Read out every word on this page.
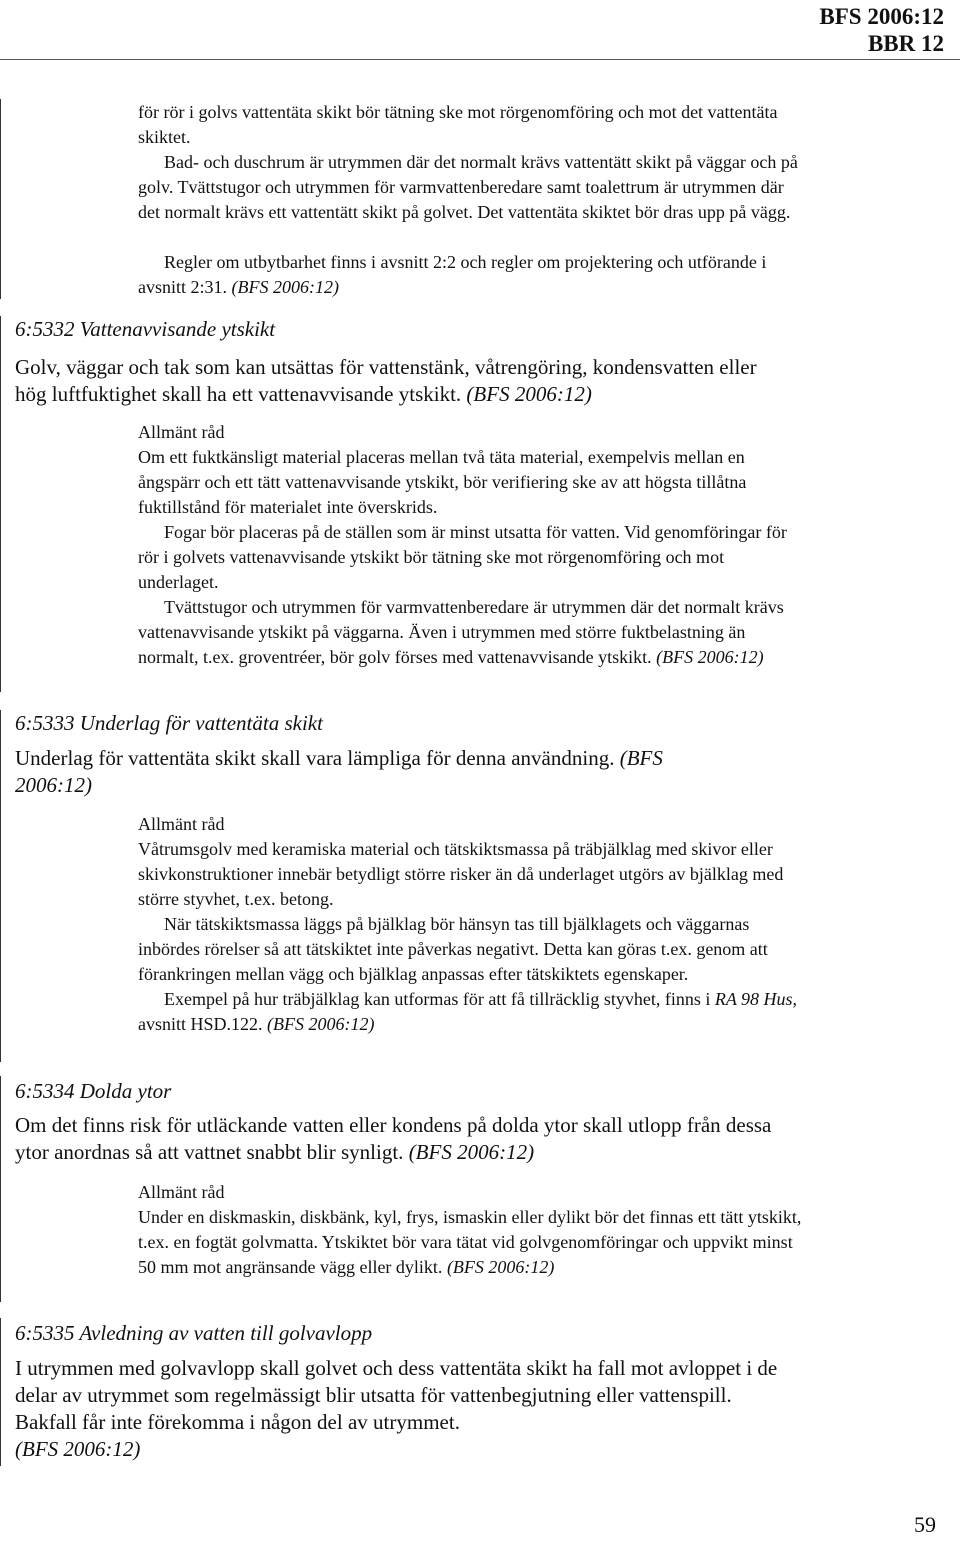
BFS 2006:12
BBR 12
för rör i golvs vattentäta skikt bör tätning ske mot rörgenomföring och mot det vattentäta skiktet.
Bad- och duschrum är utrymmen där det normalt krävs vattentätt skikt på väggar och på golv. Tvättstugor och utrymmen för varmvattenberedare samt toalettrum är utrymmen där det normalt krävs ett vattentätt skikt på golvet. Det vattentäta skiktet bör dras upp på vägg.
Regler om utbytbarhet finns i avsnitt 2:2 och regler om projektering och utförande i avsnitt 2:31. (BFS 2006:12)
6:5332 Vattenavvisande ytskikt
Golv, väggar och tak som kan utsättas för vattenstänk, våtrengöring, kondensvatten eller hög luftfuktighet skall ha ett vattenavvisande ytskikt. (BFS 2006:12)
Allmänt råd
Om ett fuktkänsligt material placeras mellan två täta material, exempelvis mellan en ångspärr och ett tätt vattenavvisande ytskikt, bör verifiering ske av att högsta tillåtna fuktillstånd för materialet inte överskrids.
Fogar bör placeras på de ställen som är minst utsatta för vatten. Vid genomföringar för rör i golvets vattenavvisande ytskikt bör tätning ske mot rörgenomföring och mot underlaget.
Tvättstugor och utrymmen för varmvattenberedare är utrymmen där det normalt krävs vattenavvisande ytskikt på väggarna. Även i utrymmen med större fuktbelastning än normalt, t.ex. groventréer, bör golv förses med vattenavvisande ytskikt. (BFS 2006:12)
6:5333 Underlag för vattentäta skikt
Underlag för vattentäta skikt skall vara lämpliga för denna användning. (BFS 2006:12)
Allmänt råd
Våtrumsgolv med keramiska material och tätskiktsmassa på träbjälklag med skivor eller skivkonstruktioner innebär betydligt större risker än då underlaget utgörs av bjälklag med större styvhet, t.ex. betong.
När tätskiktsmassa läggs på bjälklag bör hänsyn tas till bjälklagets och väggarnas inbördes rörelser så att tätskiktet inte påverkas negativt. Detta kan göras t.ex. genom att förankringen mellan vägg och bjälklag anpassas efter tätskiktets egenskaper.
Exempel på hur träbjälklag kan utformas för att få tillräcklig styvhet, finns i RA 98 Hus, avsnitt HSD.122. (BFS 2006:12)
6:5334 Dolda ytor
Om det finns risk för utläckande vatten eller kondens på dolda ytor skall utlopp från dessa ytor anordnas så att vattnet snabbt blir synligt. (BFS 2006:12)
Allmänt råd
Under en diskmaskin, diskbänk, kyl, frys, ismaskin eller dylikt bör det finnas ett tätt ytskikt, t.ex. en fogtät golvmatta. Ytskiktet bör vara tätat vid golvgenomföringar och uppvikt minst 50 mm mot angränsande vägg eller dylikt. (BFS 2006:12)
6:5335 Avledning av vatten till golvavlopp
I utrymmen med golvavlopp skall golvet och dess vattentäta skikt ha fall mot avloppet i de delar av utrymmet som regelmässigt blir utsatta för vattenbegjutning eller vattenspill. Bakfall får inte förekomma i någon del av utrymmet.
(BFS 2006:12)
59
